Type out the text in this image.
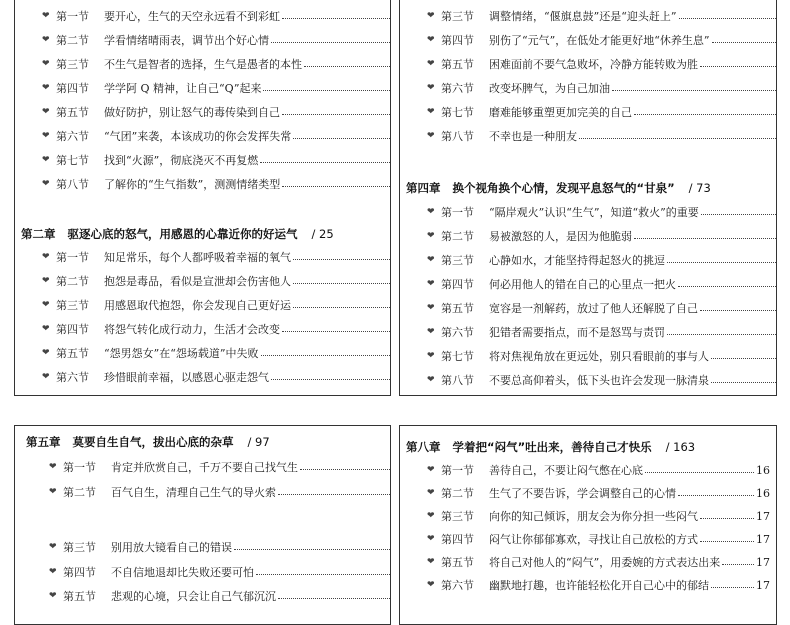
❤ 第一节	要开心，生气的天空永远看不到彩虹
❤ 第二节	学看情绪晴雨表，调节出个好心情
❤ 第三节	不生气是智者的选择，生气是愚者的本性
❤ 第四节	学学阿 Q 精神，让自己“Q”起来
❤ 第五节	做好防护，别让怒气的毒传染到自己
❤ 第六节	“气团”来袭，本该成功的你会发挥失常
❤ 第七节	找到“火源”，彻底浇灭不再复燃
❤ 第八节	了解你的“生气指数”，测测情绪类型
第二章 驱逐心底的怒气，用感恩的心靠近你的好运气 / 25
❤ 第一节	知足常乐，每个人都呼吸着幸福的氧气
❤ 第二节	抱怨是毒品，看似是宣泄却会伤害他人
❤ 第三节	用感恩取代抱怨，你会发现自己更好运
❤ 第四节	将怨气转化成行动力，生活才会改变
❤ 第五节	“怨男怨女”在“怨场载道”中失败
❤ 第六节	珍惜眼前幸福，以感恩心驱走怨气
❤ 第三节	调整情绪，“偃旗息鼓”还是“迎头赶上”
❤ 第四节	别伤了“元气”，在低处才能更好地“休养生息”
❤ 第五节	困难面前不要气急败坏，冷静方能转败为胜
❤ 第六节	改变坏脾气，为自己加油
❤ 第七节	磨难能够重塑更加完美的自己
❤ 第八节	不幸也是一种朋友
第四章 换个视角换个心情，发现平息怒气的“甘泉” / 73
❤ 第一节	“隔岸观火”认识“生气”，知道“救火”的重要
❤ 第二节	易被激怒的人，是因为他脆弱
❤ 第三节	心静如水，才能坚持得起怒火的挑逗
❤ 第四节	何必用他人的错在自己的心里点一把火
❤ 第五节	宽容是一剂解药，放过了他人还解脱了自己
❤ 第六节	犯错者需要指点，而不是怒骂与责罚
❤ 第七节	将对焦视角放在更远处，别只看眼前的事与人
❤ 第八节	不要总高仰着头，低下头也许会发现一脉清泉
第五章 莫要自生自气，拔出心底的杂草 / 97
❤ 第一节	肯定并欣赏自己，千万不要自己找气生
❤ 第二节	百气自生，清理自己生气的导火索
❤ 第三节	别用放大镜看自己的错误
❤ 第四节	不自信地退却比失败还要可怕
❤ 第五节	悲观的心境，只会让自己气郁沉沉
第八章 学着把“闷气”吐出来，善待自己才快乐 / 163
❤ 第一节	善待自己，不要让闷气憋在心底	16
❤ 第二节	生气了不要告诉，学会调整自己的心情	16
❤ 第三节	向你的知己倾诉，朋友会为你分担一些闷气	17
❤ 第四节	闷气让你郁郁寡欢，寻找让自己放松的方式	17
❤ 第五节	将自己对他人的“闷气”，用委婉的方式表达出来	17
❤ 第六节	幽默地打趣，也许能轻松化开自己心中的郁结	17
